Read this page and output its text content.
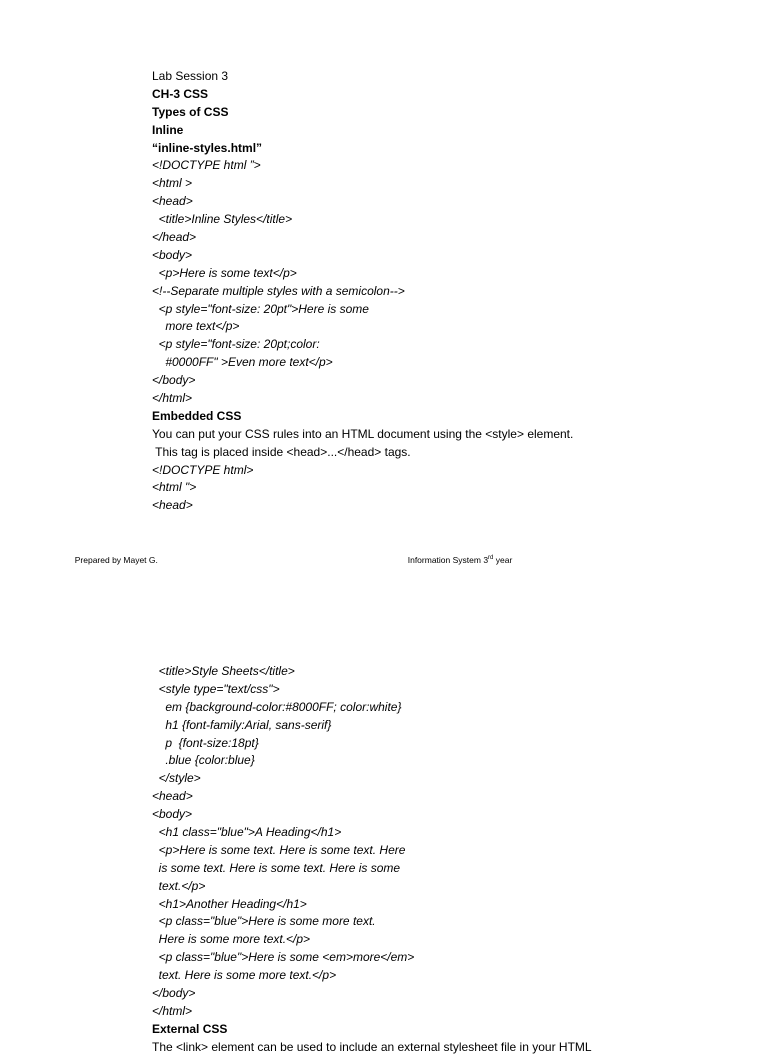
Lab Session 3
CH-3 CSS
Types of CSS
Inline
“inline-styles.html”
<!DOCTYPE html ”>
<html >
<head>
<title>Inline Styles</title>
</head>
<body>
<p>Here is some text</p>
<!--Separate multiple styles with a semicolon-->
<p style="font-size: 20pt">Here is some
more text</p>
<p style="font-size: 20pt;color:
#0000FF" >Even more text</p>
</body>
</html>
Embedded CSS
You can put your CSS rules into an HTML document using the <style> element.
This tag is placed inside <head>...</head> tags.
<!DOCTYPE html>
<html ">
<head>

Prepared by Mayet G.	Information System 3rd year

<title>Style Sheets</title>
<style type="text/css">
em {background-color:#8000FF; color:white}
h1 {font-family:Arial, sans-serif}
p  {font-size:18pt}
.blue {color:blue}
</style>
<head>
<body>
<h1 class="blue">A Heading</h1>
<p>Here is some text. Here is some text. Here
is some text. Here is some text. Here is some
text.</p>
<h1>Another Heading</h1>
<p class="blue">Here is some more text.
Here is some more text.</p>
<p class="blue">Here is some <em>more</em>
text. Here is some more text.</p>
</body>
</html>
External CSS
The <link> element can be used to include an external stylesheet file in your HTML
